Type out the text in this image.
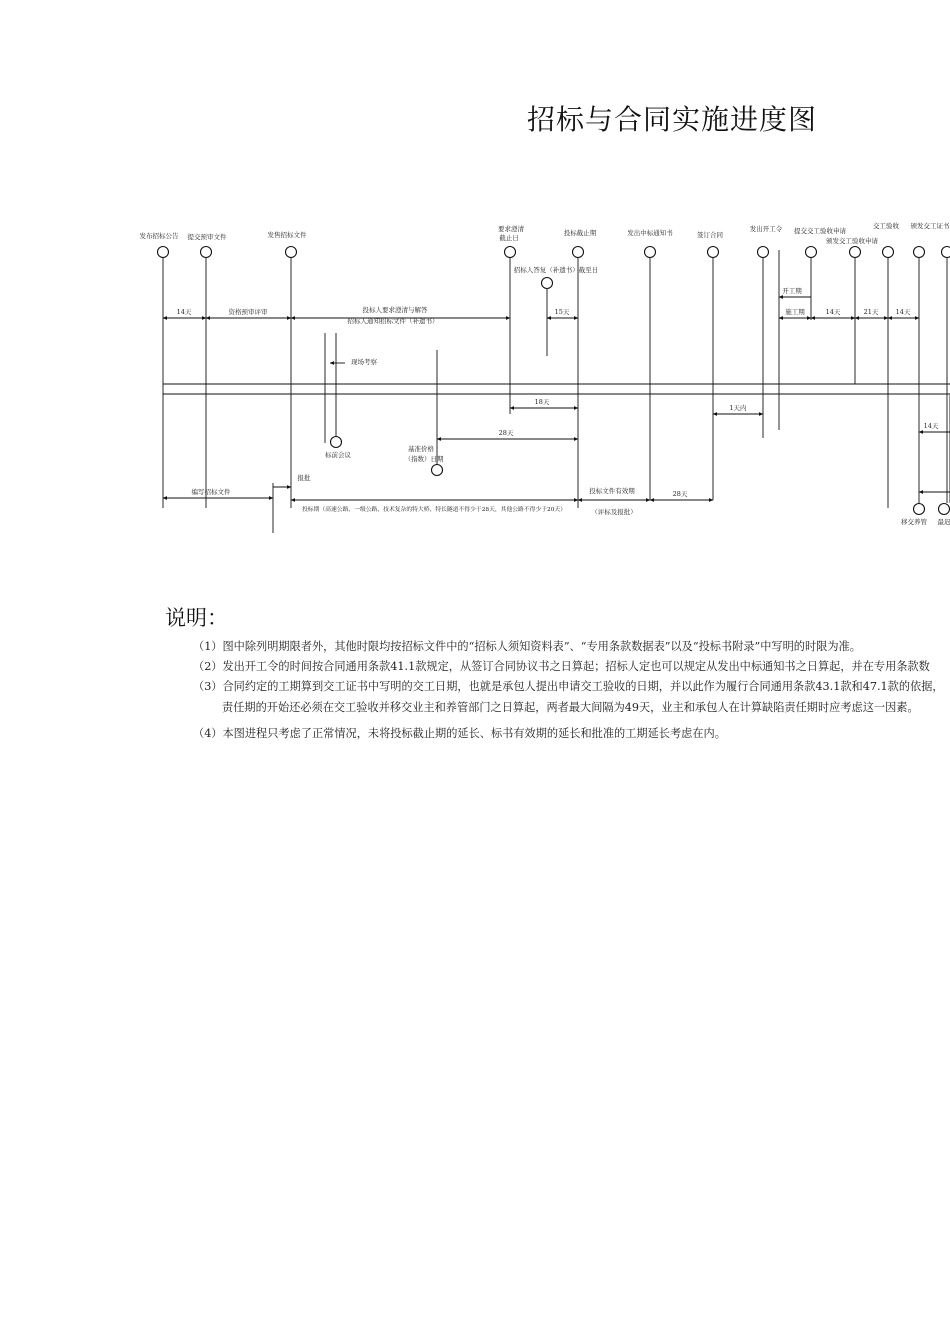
招标与合同实施进度图
发布招标公告 提交预审文件	发售招标文件
要求澄清
截止日
投标截止期	发出中标通知书	签订合同
发出开工令 提交交工验收申请
颁发交工验收申请
交工验收 颁发交工证书
招标人答复（补遗书）截至日
14天	资格预审评审	投标人要求澄清与解答
招标人通知招标文件（补遗书）
15天
开工期
施工期	14天	21天	14天
现场考察
标前会议
基准价格
（指数）日期
18天
28天
1天内
14天
编写招标文件
报批
投标期（高速公路、一级公路、技术复杂的特大桥、特长隧道不得少于28天，其他公路不得少于20天）
投标文件有效期
（评标及报批）
28天
移交养管 最迟
说明：
（1）图中除列明期限者外，其他时限均按招标文件中的“招标人须知资料表”、“专用条款数据表”以及“投标书附录”中写明的时限为准。
（2）发出开工令的时间按合同通用条款41.1款规定，从签订合同协议书之日算起；招标人定也可以规定从发出中标通知书之日算起，并在专用条款数
（3）合同约定的工期算到交工证书中写明的交工日期，也就是承包人提出申请交工验收的日期，并以此作为履行合同通用条款43.1款和47.1款的依据，
责任期的开始还必须在交工验收并移交业主和养管部门之日算起，两者最大间隔为49天，业主和承包人在计算缺陷责任期时应考虑这一因素。
（4）本图进程只考虑了正常情况，未将投标截止期的延长、标书有效期的延长和批准的工期延长考虑在内。
